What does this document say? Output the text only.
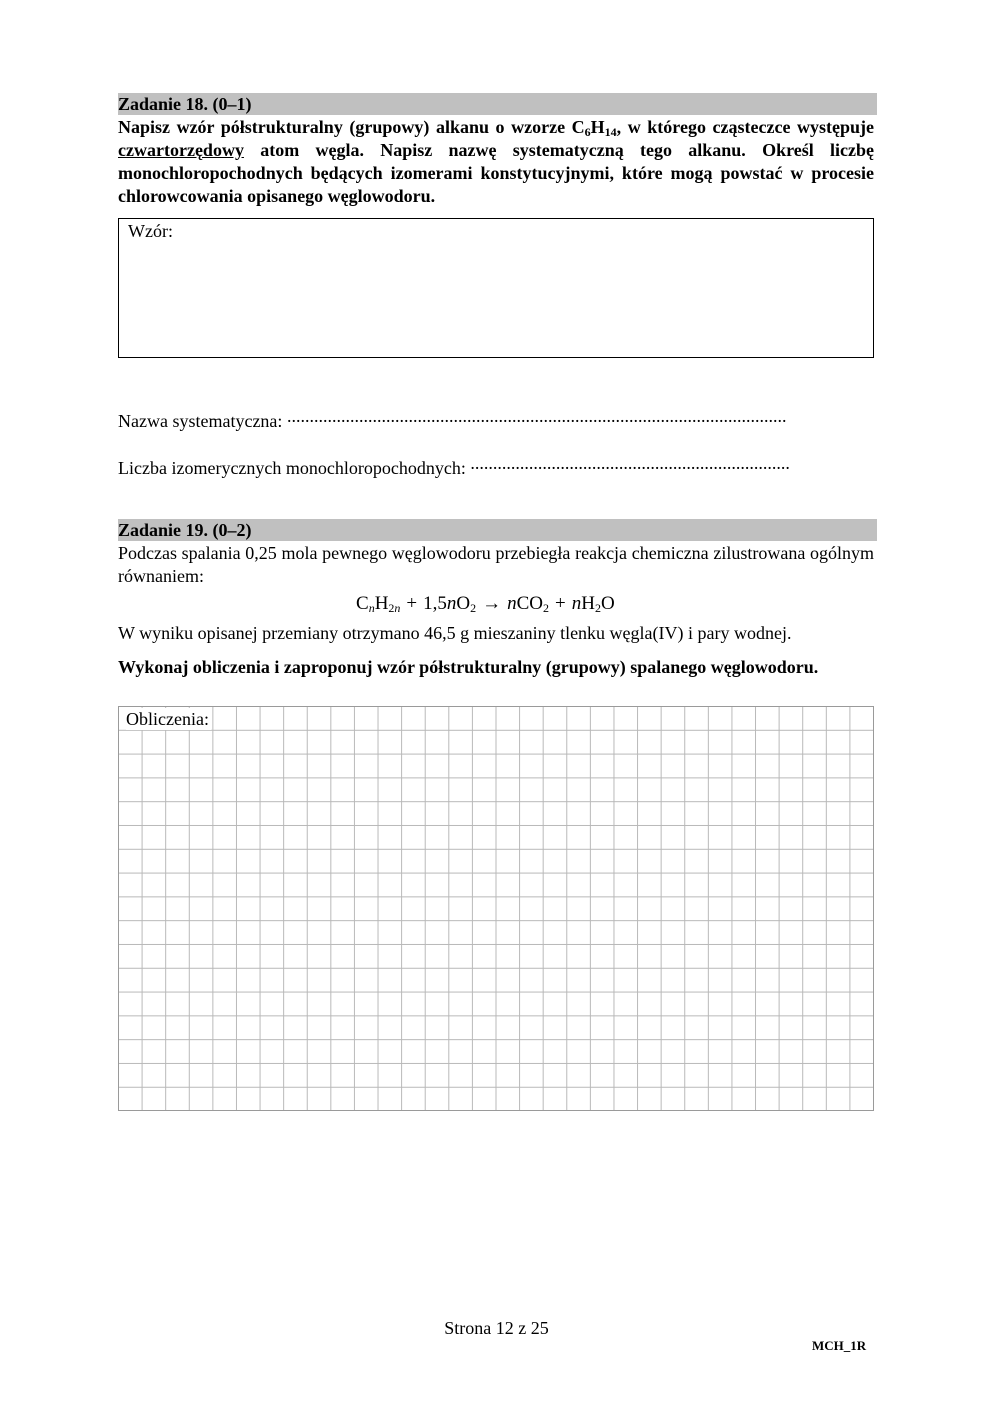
Zadanie 18. (0–1)
Napisz wzór półstrukturalny (grupowy) alkanu o wzorze $C_6H_{14}$, w którego cząsteczce występuje czwartorzędowy atom węgla. Napisz nazwę systematyczną tego alkanu. Określ liczbę monochloropochodnych będących izomerami konstytucyjnymi, które mogą powstać w procesie chlorowcowania opisanego węglowodoru.
Wzór:
Nazwa systematyczna: ...............................................................................................................
Liczba izomerycznych monochloropochodnych: .......................................................................
Zadanie 19. (0–2)
Podczas spalania 0,25 mola pewnego węglowodoru przebiegła reakcja chemiczna zilustrowana ogólnym równaniem:
$C_nH_{2n} + 1,5nO_2 \to nCO_2 + nH_2O$
W wyniku opisanej przemiany otrzymano 46,5 g mieszaniny tlenku węgla(IV) i pary wodnej.
Wykonaj obliczenia i zaproponuj wzór półstrukturalny (grupowy) spalanego węglowodoru.
Obliczenia:
Strona 12 z 25
MCH_1R
